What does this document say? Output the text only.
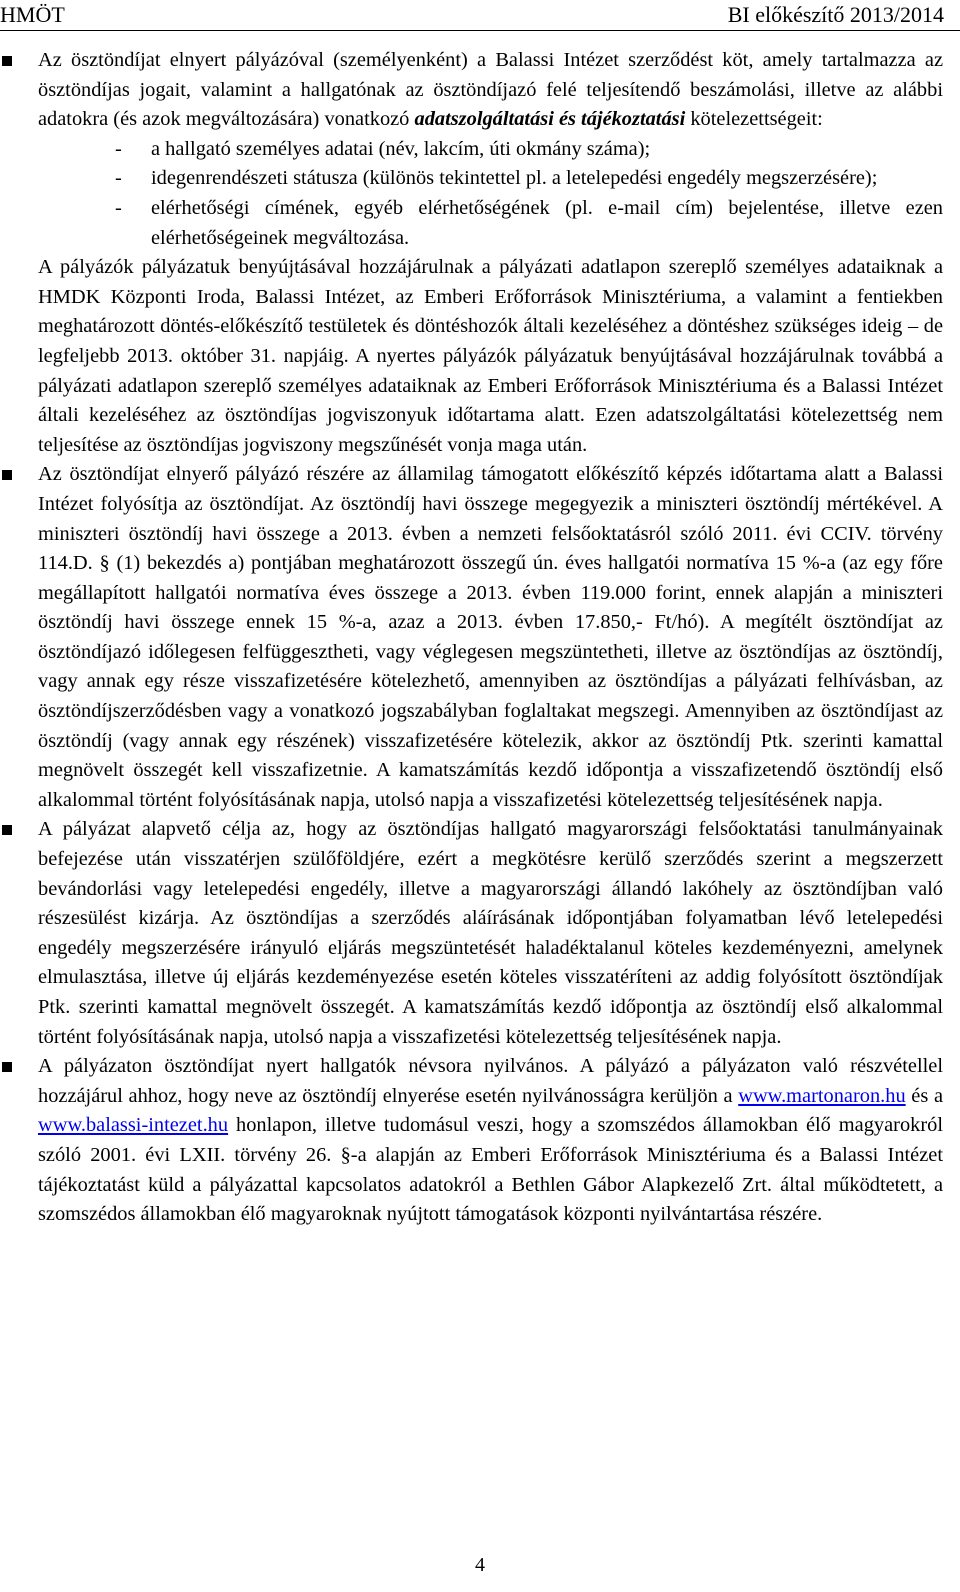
HMÖT	BI előkészítő 2013/2014

Az ösztöndíjat elnyert pályázóval (személyenként) a Balassi Intézet szerződést köt, amely tartalmazza az ösztöndíjas jogait, valamint a hallgatónak az ösztöndíjazó felé teljesítendő beszámolási, illetve az alábbi adatokra (és azok megváltozására) vonatkozó adatszolgáltatási és tájékoztatási kötelezettségeit:

- a hallgató személyes adatai (név, lakcím, úti okmány száma);
- idegenrendészeti státusza (különös tekintettel pl. a letelepedési engedély megszerzésére);
- elérhetőségi címének, egyéb elérhetőségének (pl. e-mail cím) bejelentése, illetve ezen elérhetőségeinek megváltozása.

A pályázók pályázatuk benyújtásával hozzájárulnak a pályázati adatlapon szereplő személyes adataiknak a HMDK Központi Iroda, Balassi Intézet, az Emberi Erőforrások Minisztériuma, a valamint a fentiekben meghatározott döntés-előkészítő testületek és döntéshozók általi kezeléséhez a döntéshez szükséges ideig – de legfeljebb 2013. október 31. napjáig. A nyertes pályázók pályázatuk benyújtásával hozzájárulnak továbbá a pályázati adatlapon szereplő személyes adataiknak az Emberi Erőforrások Minisztériuma és a Balassi Intézet általi kezeléséhez az ösztöndíjas jogviszonyuk időtartama alatt. Ezen adatszolgáltatási kötelezettség nem teljesítése az ösztöndíjas jogviszony megszűnését vonja maga után.

Az ösztöndíjat elnyerő pályázó részére az államilag támogatott előkészítő képzés időtartama alatt a Balassi Intézet folyósítja az ösztöndíjat. Az ösztöndíj havi összege megegyezik a miniszteri ösztöndíj mértékével. A miniszteri ösztöndíj havi összege a 2013. évben a nemzeti felsőoktatásról szóló 2011. évi CCIV. törvény 114.D. § (1) bekezdés a) pontjában meghatározott összegű ún. éves hallgatói normatíva 15 %-a (az egy főre megállapított hallgatói normatíva éves összege a 2013. évben 119.000 forint, ennek alapján a miniszteri ösztöndíj havi összege ennek 15 %-a, azaz a 2013. évben 17.850,- Ft/hó). A megítélt ösztöndíjat az ösztöndíjazó időlegesen felfüggesztheti, vagy véglegesen megszüntetheti, illetve az ösztöndíjas az ösztöndíj, vagy annak egy része visszafizetésére kötelezhető, amennyiben az ösztöndíjas a pályázati felhívásban, az ösztöndíjszerződésben vagy a vonatkozó jogszabályban foglaltakat megszegi. Amennyiben az ösztöndíjast az ösztöndíj (vagy annak egy részének) visszafizetésére kötelezik, akkor az ösztöndíj Ptk. szerinti kamattal megnövelt összegét kell visszafizetnie. A kamatszámítás kezdő időpontja a visszafizetendő ösztöndíj első alkalommal történt folyósításának napja, utolsó napja a visszafizetési kötelezettség teljesítésének napja.

A pályázat alapvető célja az, hogy az ösztöndíjas hallgató magyarországi felsőoktatási tanulmányainak befejezése után visszatérjen szülőföldjére, ezért a megkötésre kerülő szerződés szerint a megszerzett bevándorlási vagy letelepedési engedély, illetve a magyarországi állandó lakóhely az ösztöndíjban való részesülést kizárja. Az ösztöndíjas a szerződés aláírásának időpontjában folyamatban lévő letelepedési engedély megszerzésére irányuló eljárás megszüntetését haladéktalanul köteles kezdeményezni, amelynek elmulasztása, illetve új eljárás kezdeményezése esetén köteles visszatéríteni az addig folyósított ösztöndíjak Ptk. szerinti kamattal megnövelt összegét. A kamatszámítás kezdő időpontja az ösztöndíj első alkalommal történt folyósításának napja, utolsó napja a visszafizetési kötelezettség teljesítésének napja.

A pályázaton ösztöndíjat nyert hallgatók névsora nyilvános. A pályázó a pályázaton való részvétellel hozzájárul ahhoz, hogy neve az ösztöndíj elnyerése esetén nyilvánosságra kerüljön a www.martonaron.hu és a www.balassi-intezet.hu honlapon, illetve tudomásul veszi, hogy a szomszédos államokban élő magyarokról szóló 2001. évi LXII. törvény 26. §-a alapján az Emberi Erőforrások Minisztériuma és a Balassi Intézet tájékoztatást küld a pályázattal kapcsolatos adatokról a Bethlen Gábor Alapkezelő Zrt. által működtetett, a szomszédos államokban élő magyaroknak nyújtott támogatások központi nyilvántartása részére.

4
